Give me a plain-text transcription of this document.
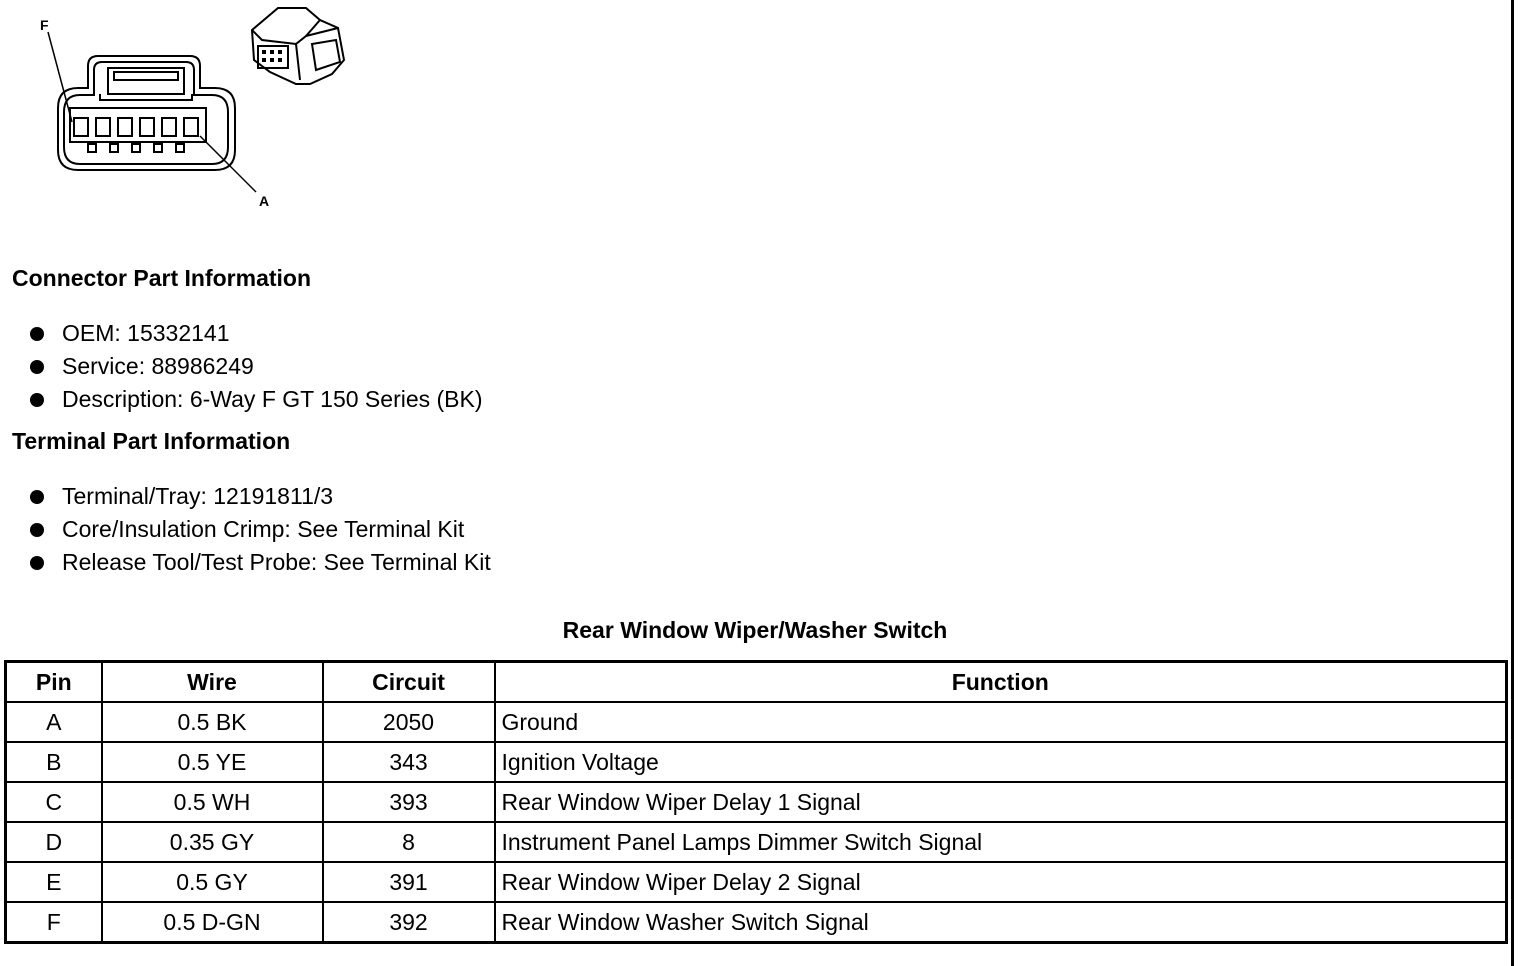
F
A
Connector Part Information
OEM: 15332141
Service: 88986249
Description: 6-Way F GT 150 Series (BK)
Terminal Part Information
Terminal/Tray: 12191811/3
Core/Insulation Crimp: See Terminal Kit
Release Tool/Test Probe: See Terminal Kit
Rear Window Wiper/Washer Switch
Pin	Wire	Circuit	Function
A	0.5 BK	2050	Ground
B	0.5 YE	343	Ignition Voltage
C	0.5 WH	393	Rear Window Wiper Delay 1 Signal
D	0.35 GY	8	Instrument Panel Lamps Dimmer Switch Signal
E	0.5 GY	391	Rear Window Wiper Delay 2 Signal
F	0.5 D-GN	392	Rear Window Washer Switch Signal
